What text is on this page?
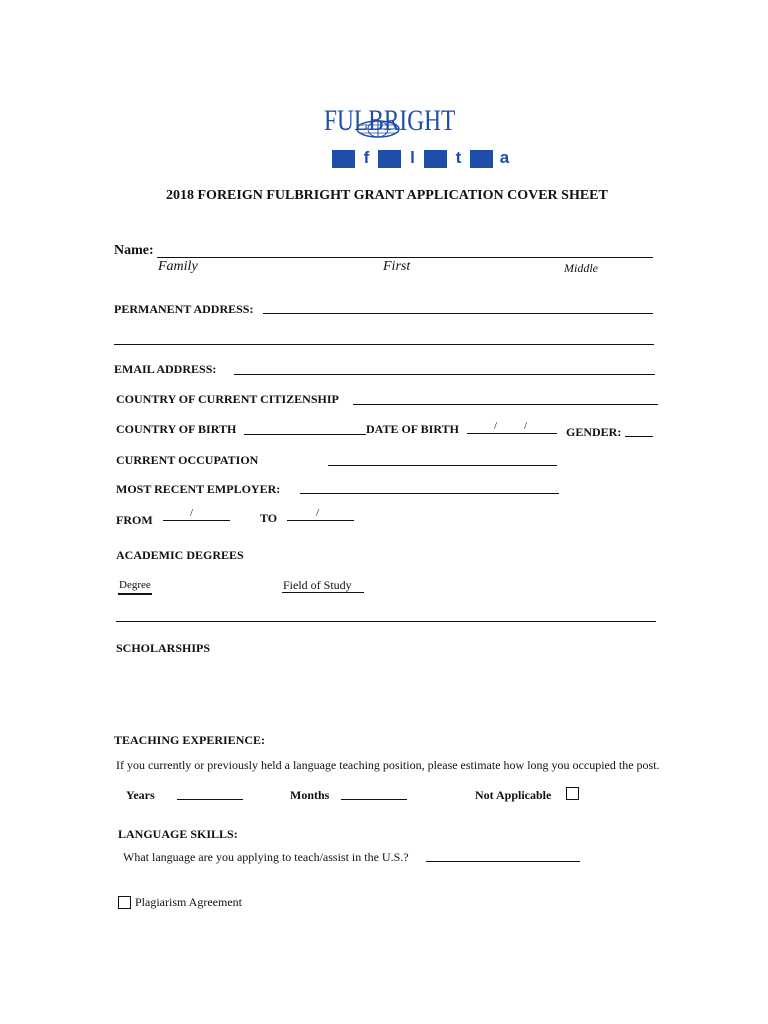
FULBRIGHT
f l t a
2018 FOREIGN FULBRIGHT GRANT APPLICATION COVER SHEET
Name:
Family	First	Middle
PERMANENT ADDRESS:
EMAIL ADDRESS:
COUNTRY OF CURRENT CITIZENSHIP
COUNTRY OF BIRTH	DATE OF BIRTH	/ /	GENDER:
CURRENT OCCUPATION
MOST RECENT EMPLOYER:
FROM	/	TO	/
ACADEMIC DEGREES
Degree	Field of Study
SCHOLARSHIPS
TEACHING EXPERIENCE:
If you currently or previously held a language teaching position, please estimate how long you occupied the post.
Years	Months	Not Applicable
LANGUAGE SKILLS:
What language are you applying to teach/assist in the U.S.?
Plagiarism Agreement
